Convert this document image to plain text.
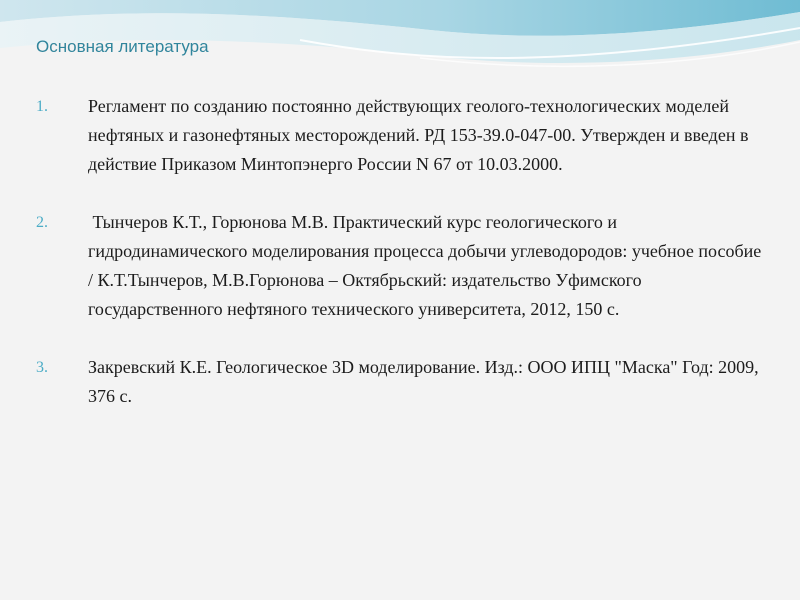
Основная литература
1.	Регламент по созданию постоянно действующих геолого-технологических моделей нефтяных и газонефтяных месторождений. РД 153-39.0-047-00. Утвержден и введен в действие Приказом Минтопэнерго России N 67 от 10.03.2000.
2.	Тынчеров К.Т., Горюнова М.В. Практический курс геологического и гидродинамического моделирования процесса добычи углеводородов: учебное пособие / К.Т.Тынчеров, М.В.Горюнова – Октябрьский: издательство Уфимского государственного нефтяного технического университета, 2012, 150 с.
3.	Закревский К.Е. Геологическое 3D моделирование. Изд.: ООО ИПЦ "Маска" Год: 2009, 376 с.
